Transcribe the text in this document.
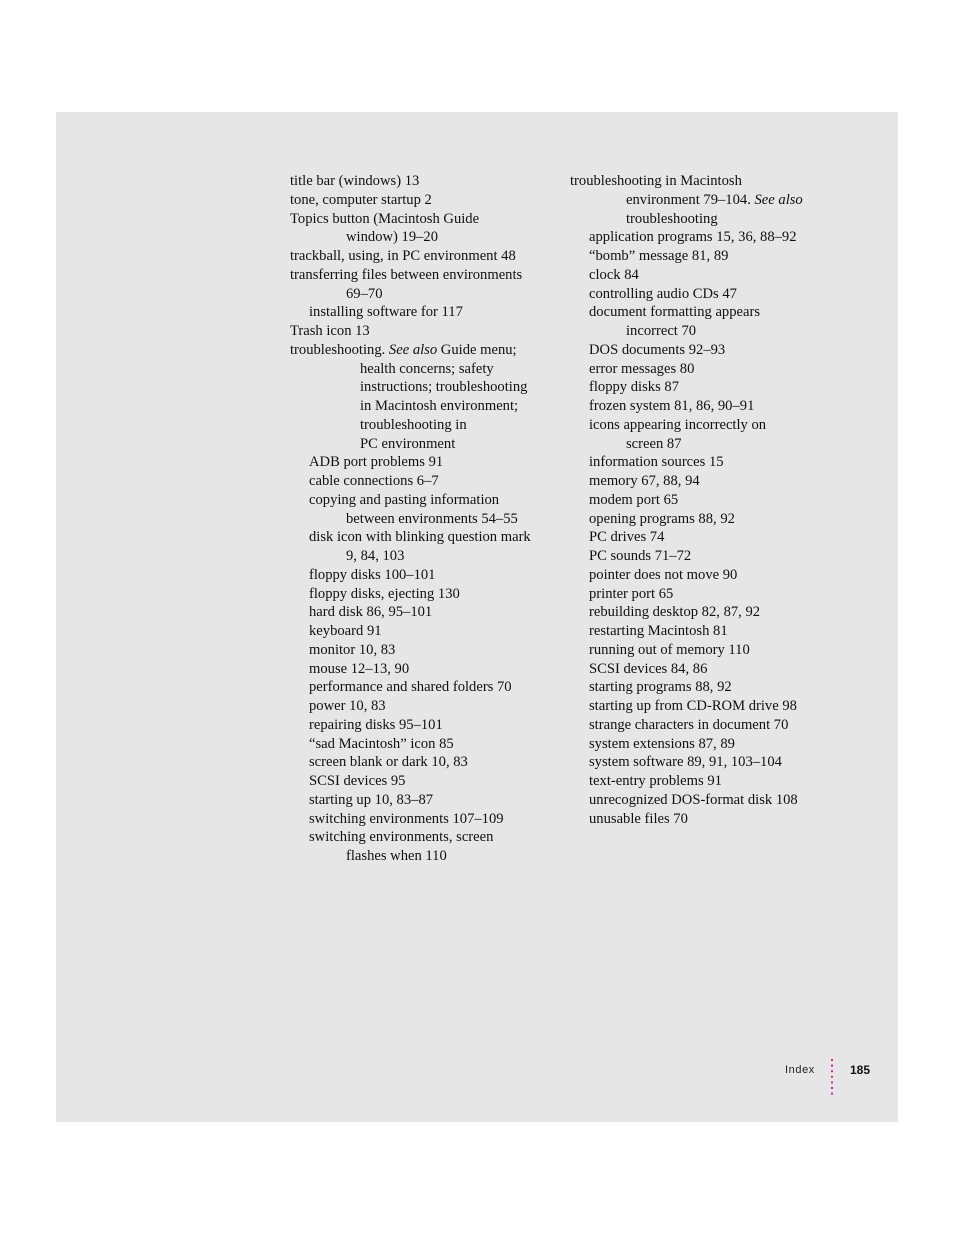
title bar (windows) 13
tone, computer startup 2
Topics button (Macintosh Guide
window) 19–20
trackball, using, in PC environment 48
transferring files between environments
69–70
installing software for 117
Trash icon 13
troubleshooting. See also Guide menu;
health concerns; safety
instructions; troubleshooting
in Macintosh environment;
troubleshooting in
PC environment
ADB port problems 91
cable connections 6–7
copying and pasting information
between environments 54–55
disk icon with blinking question mark
9, 84, 103
floppy disks 100–101
floppy disks, ejecting 130
hard disk 86, 95–101
keyboard 91
monitor 10, 83
mouse 12–13, 90
performance and shared folders 70
power 10, 83
repairing disks 95–101
“sad Macintosh” icon 85
screen blank or dark 10, 83
SCSI devices 95
starting up 10, 83–87
switching environments 107–109
switching environments, screen
flashes when 110
troubleshooting in Macintosh
environment 79–104. See also
troubleshooting
application programs 15, 36, 88–92
“bomb” message 81, 89
clock 84
controlling audio CDs 47
document formatting appears
incorrect 70
DOS documents 92–93
error messages 80
floppy disks 87
frozen system 81, 86, 90–91
icons appearing incorrectly on
screen 87
information sources 15
memory 67, 88, 94
modem port 65
opening programs 88, 92
PC drives 74
PC sounds 71–72
pointer does not move 90
printer port 65
rebuilding desktop 82, 87, 92
restarting Macintosh 81
running out of memory 110
SCSI devices 84, 86
starting programs 88, 92
starting up from CD-ROM drive 98
strange characters in document 70
system extensions 87, 89
system software 89, 91, 103–104
text-entry problems 91
unrecognized DOS-format disk 108
unusable files 70
Index	185
